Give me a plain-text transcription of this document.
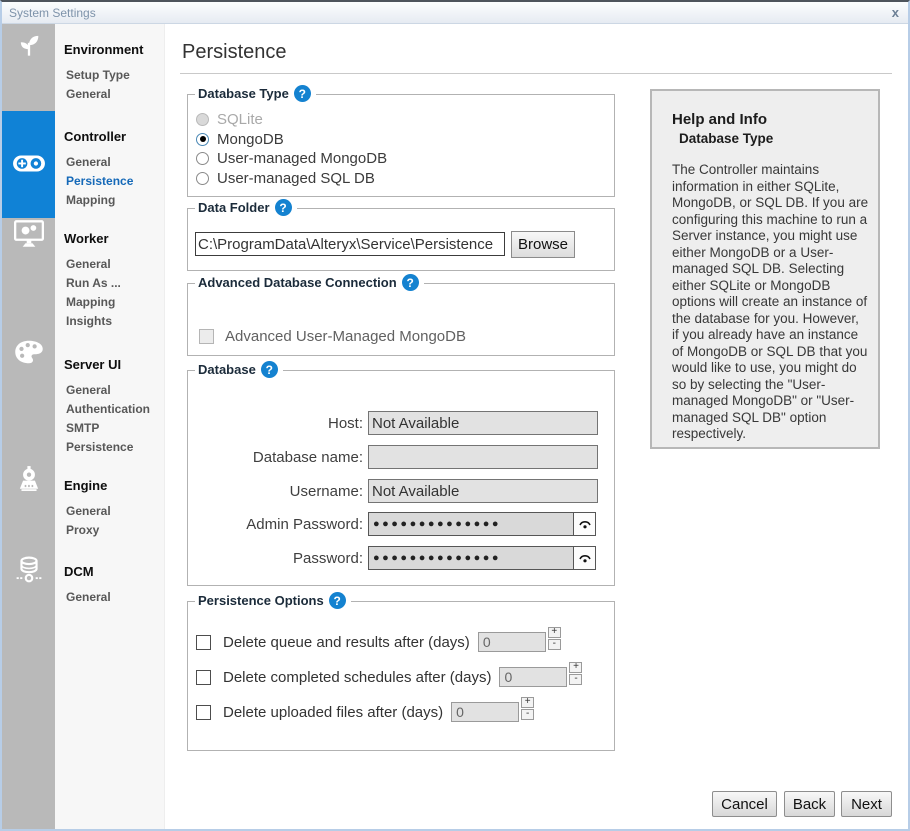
System Settings	x
Environment
Setup Type
General
Controller
General
Persistence
Mapping
Worker
General
Run As ...
Mapping
Insights
Server UI
General
Authentication
SMTP
Persistence
Engine
General
Proxy
DCM
General
Persistence
Database Type ?
SQLite
MongoDB
User-managed MongoDB
User-managed SQL DB
Data Folder ?
C:\ProgramData\Alteryx\Service\Persistence
Browse
Advanced Database Connection ?
Advanced User-Managed MongoDB
Database ?
Host:
Not Available
Database name:
Username:
Not Available
Admin Password: ●●●●●●●●●●●●●●
Password: ●●●●●●●●●●●●●●
Persistence Options ?
Delete queue and results after (days)
0
+
-
Delete completed schedules after (days)
0
+
-
Delete uploaded files after (days)
0
+
-
Help and Info
Database Type
The Controller maintains information in either SQLite, MongoDB, or SQL DB. If you are configuring this machine to run a Server instance, you might use either MongoDB or a User-managed SQL DB. Selecting either SQLite or MongoDB options will create an instance of the database for you. However, if you already have an instance of MongoDB or SQL DB that you would like to use, you might do so by selecting the "User-managed MongoDB" or "User-managed SQL DB" option respectively.
Cancel	Back	Next
